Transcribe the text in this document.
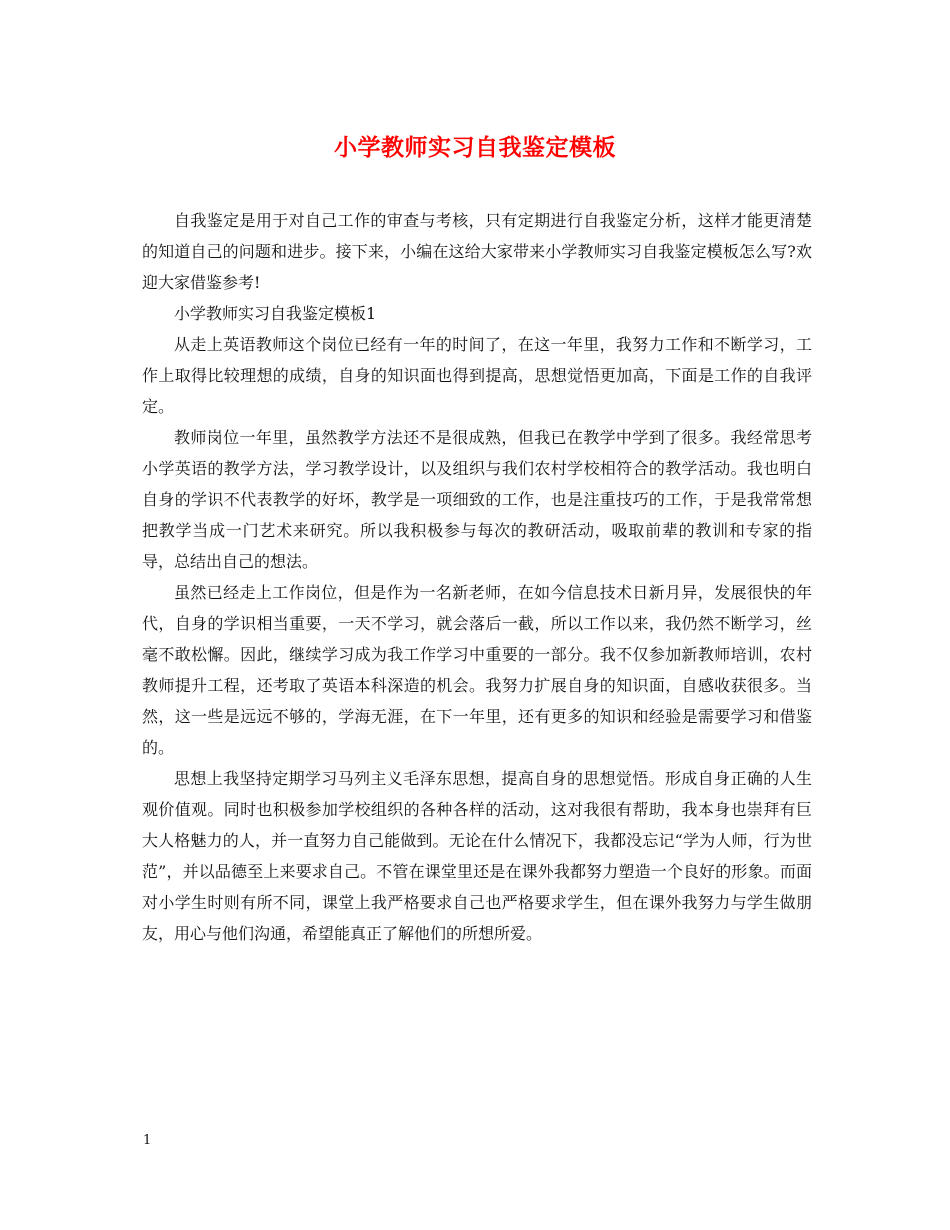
小学教师实习自我鉴定模板

自我鉴定是用于对自己工作的审查与考核，只有定期进行自我鉴定分析，这样才能更清楚的知道自己的问题和进步。接下来，小编在这给大家带来小学教师实习自我鉴定模板怎么写?欢迎大家借鉴参考!

小学教师实习自我鉴定模板1

从走上英语教师这个岗位已经有一年的时间了，在这一年里，我努力工作和不断学习，工作上取得比较理想的成绩，自身的知识面也得到提高，思想觉悟更加高，下面是工作的自我评定。

教师岗位一年里，虽然教学方法还不是很成熟，但我已在教学中学到了很多。我经常思考小学英语的教学方法，学习教学设计，以及组织与我们农村学校相符合的教学活动。我也明白自身的学识不代表教学的好坏，教学是一项细致的工作，也是注重技巧的工作，于是我常常想把教学当成一门艺术来研究。所以我积极参与每次的教研活动，吸取前辈的教训和专家的指导，总结出自己的想法。

虽然已经走上工作岗位，但是作为一名新老师，在如今信息技术日新月异，发展很快的年代，自身的学识相当重要，一天不学习，就会落后一截，所以工作以来，我仍然不断学习，丝毫不敢松懈。因此，继续学习成为我工作学习中重要的一部分。我不仅参加新教师培训，农村教师提升工程，还考取了英语本科深造的机会。我努力扩展自身的知识面，自感收获很多。当然，这一些是远远不够的，学海无涯，在下一年里，还有更多的知识和经验是需要学习和借鉴的。

思想上我坚持定期学习马列主义毛泽东思想，提高自身的思想觉悟。形成自身正确的人生观价值观。同时也积极参加学校组织的各种各样的活动，这对我很有帮助，我本身也崇拜有巨大人格魅力的人，并一直努力自己能做到。无论在什么情况下，我都没忘记“学为人师，行为世范”，并以品德至上来要求自己。不管在课堂里还是在课外我都努力塑造一个良好的形象。而面对小学生时则有所不同，课堂上我严格要求自己也严格要求学生，但在课外我努力与学生做朋友，用心与他们沟通，希望能真正了解他们的所想所爱。

1
